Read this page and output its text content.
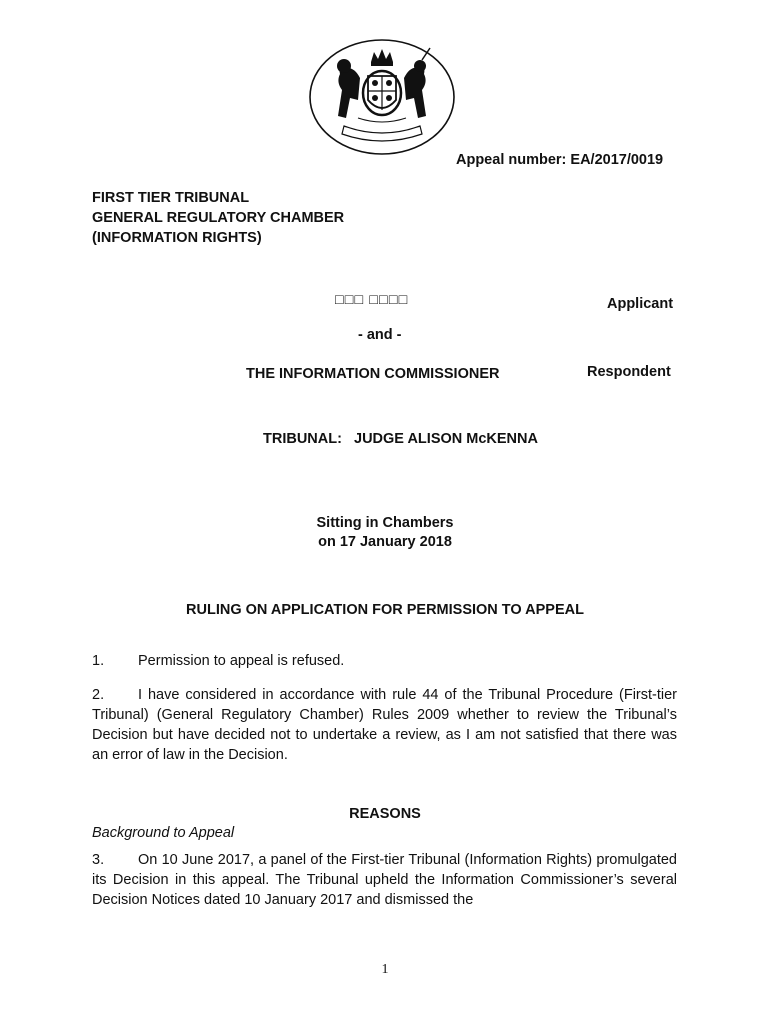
Appeal number: EA/2017/0019
FIRST TIER TRIBUNAL
GENERAL REGULATORY CHAMBER
(INFORMATION RIGHTS)
□□□ □□□□	Applicant
- and -
THE INFORMATION COMMISSIONER	Respondent
TRIBUNAL:   JUDGE ALISON McKENNA
Sitting in Chambers
on 17 January 2018
RULING ON APPLICATION FOR PERMISSION TO APPEAL
1. Permission to appeal is refused.
2. I have considered in accordance with rule 44 of the Tribunal Procedure (First-tier Tribunal) (General Regulatory Chamber) Rules 2009 whether to review the Tribunal’s Decision but have decided not to undertake a review, as I am not satisfied that there was an error of law in the Decision.
REASONS
Background to Appeal
3. On 10 June 2017, a panel of the First-tier Tribunal (Information Rights) promulgated its Decision in this appeal. The Tribunal upheld the Information Commissioner’s several Decision Notices dated 10 January 2017 and dismissed the
1
